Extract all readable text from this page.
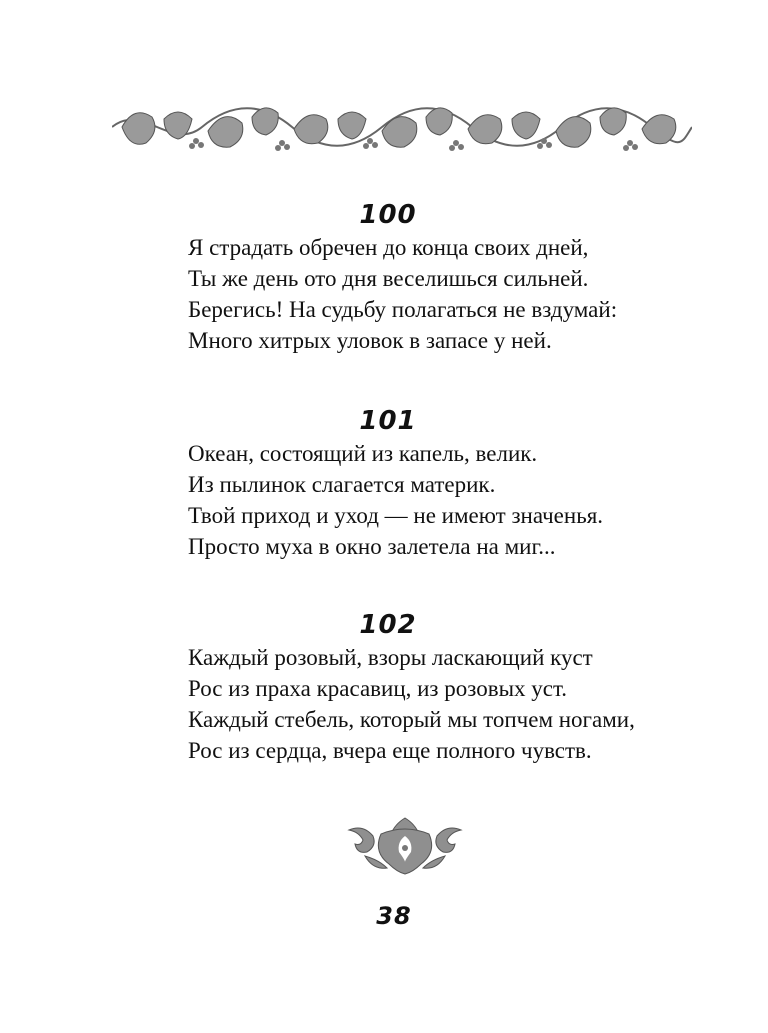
100
Я страдать обречен до конца своих дней,
Ты же день ото дня веселишься сильней.
Берегись! На судьбу полагаться не вздумай:
Много хитрых уловок в запасе у ней.
101
Океан, состоящий из капель, велик.
Из пылинок слагается материк.
Твой приход и уход — не имеют значенья.
Просто муха в окно залетела на миг...
102
Каждый розовый, взоры ласкающий куст
Рос из праха красавиц, из розовых уст.
Каждый стебель, который мы топчем ногами,
Рос из сердца, вчера еще полного чувств.
38
